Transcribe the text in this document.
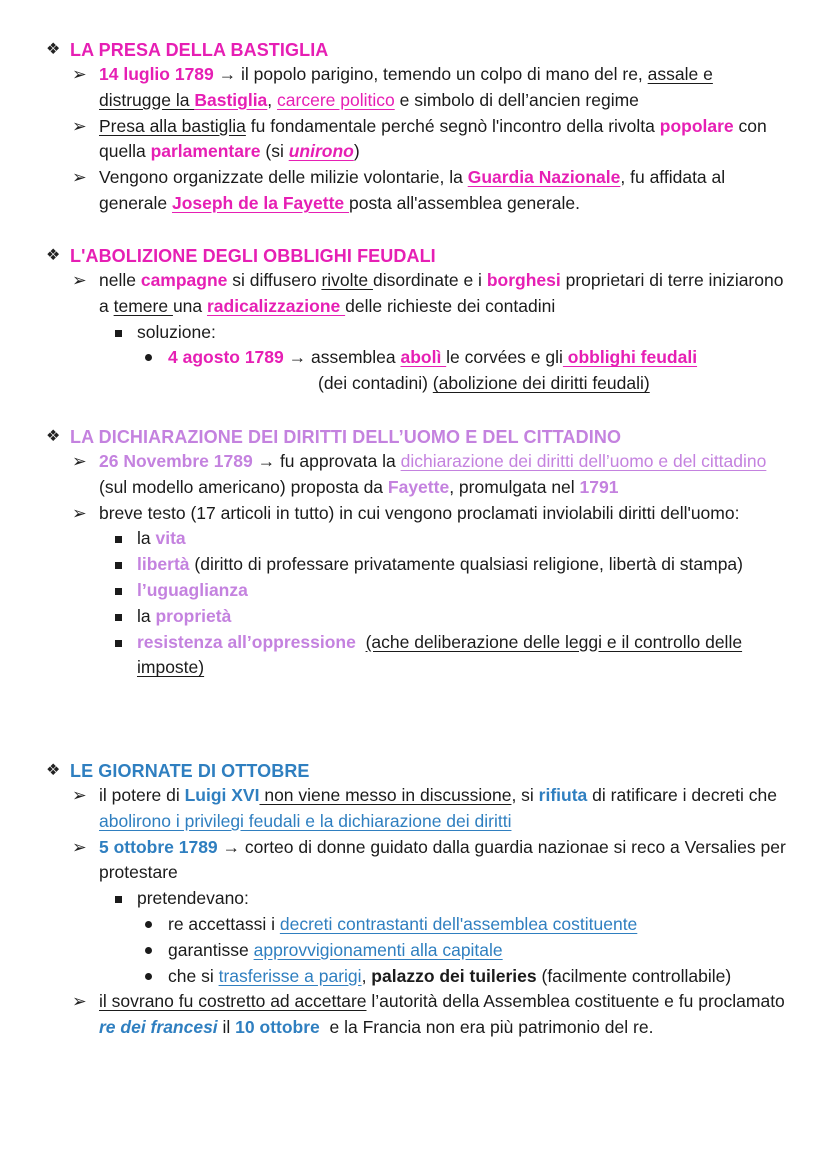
❖ LA PRESA DELLA BASTIGLIA
➢ 14 luglio 1789 → il popolo parigino, temendo un colpo di mano del re, assale e distrugge la Bastiglia, carcere politico e simbolo di dell’ancien regime
➢ Presa alla bastiglia fu fondamentale perché segnò l'incontro della rivolta popolare con quella parlamentare (si unirono)
➢ Vengono organizzate delle milizie volontarie, la Guardia Nazionale, fu affidata al generale Joseph de la Fayette posta all'assemblea generale.
❖ L'ABOLIZIONE DEGLI OBBLIGHI FEUDALI
➢ nelle campagne si diffusero rivolte disordinate e i borghesi proprietari di terre iniziarono a temere una radicalizzazione delle richieste dei contadini
soluzione:
4 agosto 1789 → assemblea abolì le corvées e gli obblighi feudali
(dei contadini) (abolizione dei diritti feudali)
❖ LA DICHIARAZIONE DEI DIRITTI DELL’UOMO E DEL CITTADINO
➢ 26 Novembre 1789 → fu approvata la dichiarazione dei diritti dell’uomo e del cittadino (sul modello americano) proposta da Fayette, promulgata nel 1791
➢ breve testo (17 articoli in tutto) in cui vengono proclamati inviolabili diritti dell'uomo:
la vita
libertà (diritto di professare privatamente qualsiasi religione, libertà di stampa)
l’uguaglianza
la proprietà
resistenza all’oppressione (ache deliberazione delle leggi e il controllo delle imposte)
❖ LE GIORNATE DI OTTOBRE
➢ il potere di Luigi XVI non viene messo in discussione, si rifiuta di ratificare i decreti che abolirono i privilegi feudali e la dichiarazione dei diritti
➢ 5 ottobre 1789 → corteo di donne guidato dalla guardia nazionae si reco a Versalies per protestare
pretendevano:
re accettassi i decreti contrastanti dell'assemblea costituente
garantisse approvvigionamenti alla capitale
che si trasferisse a parigi, palazzo dei tuileries (facilmente controllabile)
➢ il sovrano fu costretto ad accettare l’autorità della Assemblea costituente e fu proclamato re dei francesi il 10 ottobre  e la Francia non era più patrimonio del re.
